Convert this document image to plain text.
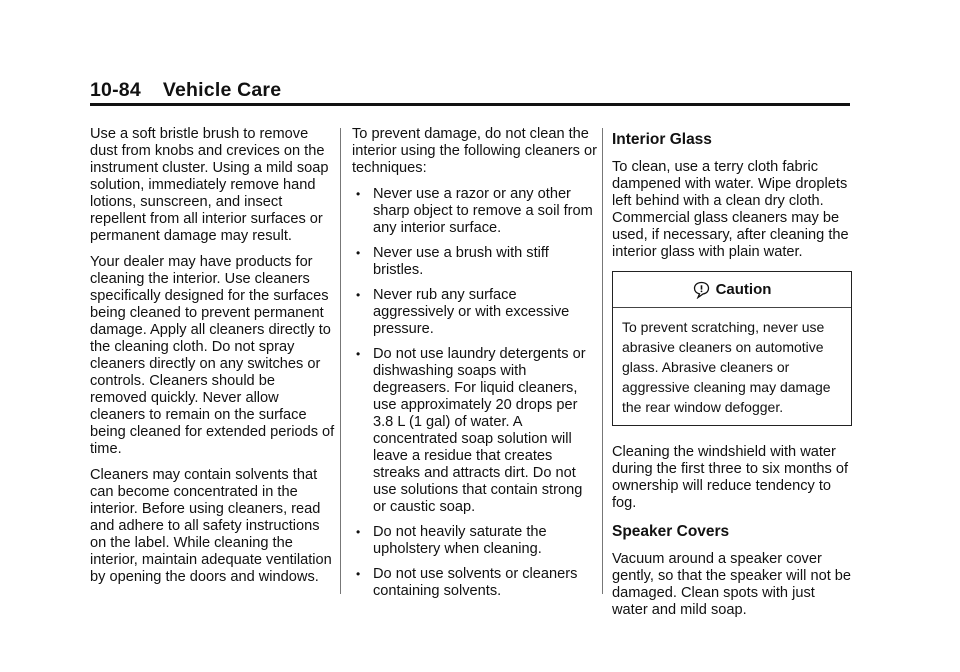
10-84 Vehicle Care

Use a soft bristle brush to remove dust from knobs and crevices on the instrument cluster. Using a mild soap solution, immediately remove hand lotions, sunscreen, and insect repellent from all interior surfaces or permanent damage may result.

Your dealer may have products for cleaning the interior. Use cleaners specifically designed for the surfaces being cleaned to prevent permanent damage. Apply all cleaners directly to the cleaning cloth. Do not spray cleaners directly on any switches or controls. Cleaners should be removed quickly. Never allow cleaners to remain on the surface being cleaned for extended periods of time.

Cleaners may contain solvents that can become concentrated in the interior. Before using cleaners, read and adhere to all safety instructions on the label. While cleaning the interior, maintain adequate ventilation by opening the doors and windows.

To prevent damage, do not clean the interior using the following cleaners or techniques:

• Never use a razor or any other sharp object to remove a soil from any interior surface.
• Never use a brush with stiff bristles.
• Never rub any surface aggressively or with excessive pressure.
• Do not use laundry detergents or dishwashing soaps with degreasers. For liquid cleaners, use approximately 20 drops per 3.8 L (1 gal) of water. A concentrated soap solution will leave a residue that creates streaks and attracts dirt. Do not use solutions that contain strong or caustic soap.
• Do not heavily saturate the upholstery when cleaning.
• Do not use solvents or cleaners containing solvents.
Interior Glass

To clean, use a terry cloth fabric dampened with water. Wipe droplets left behind with a clean dry cloth. Commercial glass cleaners may be used, if necessary, after cleaning the interior glass with plain water.

Caution
To prevent scratching, never use abrasive cleaners on automotive glass. Abrasive cleaners or aggressive cleaning may damage the rear window defogger.

Cleaning the windshield with water during the first three to six months of ownership will reduce tendency to fog.

Speaker Covers

Vacuum around a speaker cover gently, so that the speaker will not be damaged. Clean spots with just water and mild soap.
